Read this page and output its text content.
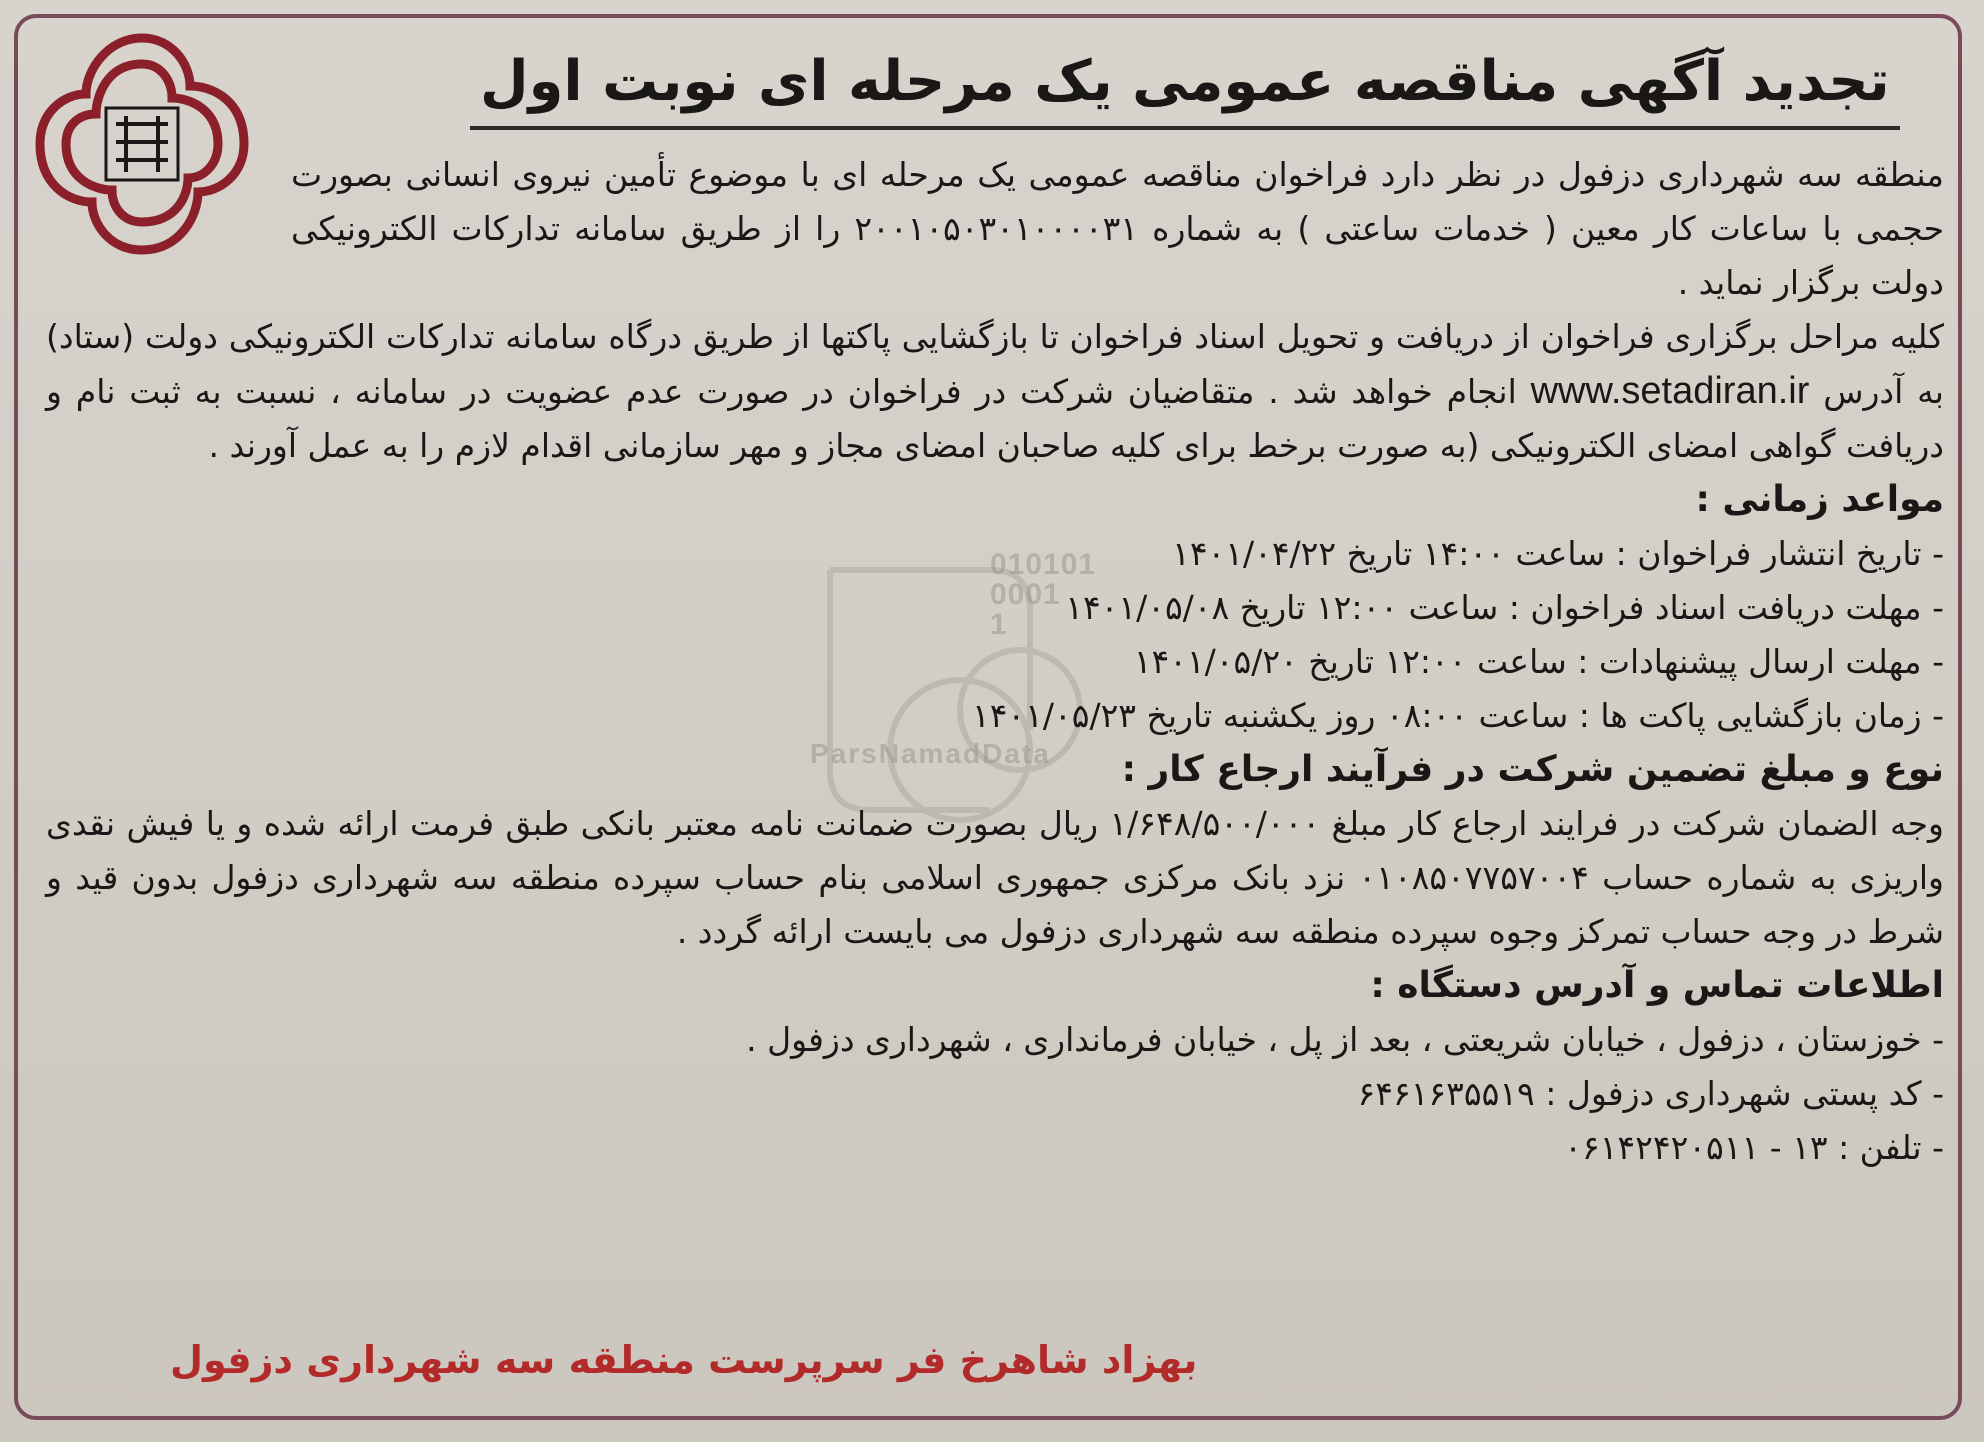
010101
0001
1
ParsNamadData
تجدید آگهی مناقصه عمومی یک مرحله ای نوبت اول

منطقه سه شهرداری دزفول در نظر دارد فراخوان مناقصه عمومی یک مرحله ای با موضوع تأمین نیروی انسانی بصورت حجمی با ساعات کار معین ( خدمات ساعتی ) به شماره ۲۰۰۱۰۵۰۳۰۱۰۰۰۰۳۱ را از طریق سامانه تدارکات الکترونیکی دولت برگزار نماید .

کلیه مراحل برگزاری فراخوان از دریافت و تحویل اسناد فراخوان تا بازگشایی پاکتها از طریق درگاه سامانه تدارکات الکترونیکی دولت (ستاد) به آدرس www.setadiran.ir انجام خواهد شد . متقاضیان شرکت در فراخوان در صورت عدم عضویت در سامانه ، نسبت به ثبت نام و دریافت گواهی امضای الکترونیکی (به صورت برخط برای کلیه صاحبان امضای مجاز و مهر سازمانی اقدام لازم را به عمل آورند .

مواعد زمانی :

- تاریخ انتشار فراخوان : ساعت ۱۴:۰۰ تاریخ ۱۴۰۱/۰۴/۲۲

- مهلت دریافت اسناد فراخوان : ساعت ۱۲:۰۰ تاریخ ۱۴۰۱/۰۵/۰۸

- مهلت ارسال پیشنهادات : ساعت ۱۲:۰۰ تاریخ ۱۴۰۱/۰۵/۲۰

- زمان بازگشایی پاکت ها : ساعت ۰۸:۰۰ روز یکشنبه تاریخ ۱۴۰۱/۰۵/۲۳

نوع و مبلغ تضمین شرکت در فرآیند ارجاع کار :

وجه الضمان شرکت در فرایند ارجاع کار مبلغ ۱/۶۴۸/۵۰۰/۰۰۰ ریال بصورت ضمانت نامه معتبر بانکی طبق فرمت ارائه شده و یا فیش نقدی واریزی به شماره حساب ۰۱۰۸۵۰۷۷۵۷۰۰۴ نزد بانک مرکزی جمهوری اسلامی بنام حساب سپرده منطقه سه شهرداری دزفول بدون قید و شرط در وجه حساب تمرکز وجوه سپرده منطقه سه شهرداری دزفول می بایست ارائه گردد .

اطلاعات تماس و آدرس دستگاه :

- خوزستان ، دزفول ، خیابان شریعتی ، بعد از پل ، خیابان فرمانداری ، شهرداری دزفول .

- کد پستی شهرداری دزفول : ۶۴۶۱۶۳۵۵۱۹

- تلفن : ۱۳ - ۰۶۱۴۲۴۲۰۵۱۱

بهزاد شاهرخ فر سرپرست منطقه سه شهرداری دزفول
